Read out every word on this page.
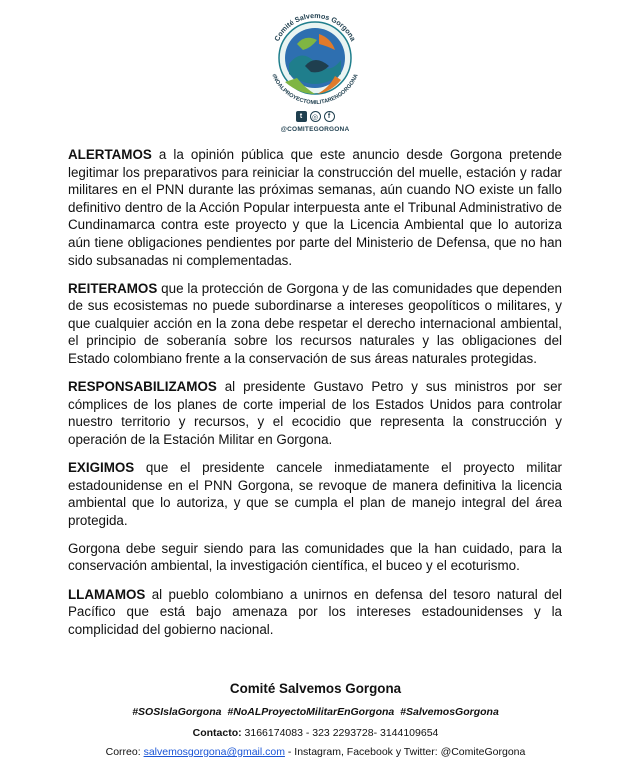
Comité Salvemos Gorgona
#NOALPROYECTOMILITARENGORGONA
t	◎	f
@COMITEGORGONA

ALERTAMOS a la opinión pública que este anuncio desde Gorgona pretende legitimar los preparativos para reiniciar la construcción del muelle, estación y radar militares en el PNN durante las próximas semanas, aún cuando NO existe un fallo definitivo dentro de la Acción Popular interpuesta ante el Tribunal Administrativo de Cundinamarca contra este proyecto y que la Licencia Ambiental que lo autoriza aún tiene obligaciones pendientes por parte del Ministerio de Defensa, que no han sido subsanadas ni complementadas.

REITERAMOS que la protección de Gorgona y de las comunidades que dependen de sus ecosistemas no puede subordinarse a intereses geopolíticos o militares, y que cualquier acción en la zona debe respetar el derecho internacional ambiental, el principio de soberanía sobre los recursos naturales y las obligaciones del Estado colombiano frente a la conservación de sus áreas naturales protegidas.

RESPONSABILIZAMOS al presidente Gustavo Petro y sus ministros por ser cómplices de los planes de corte imperial de los Estados Unidos para controlar nuestro territorio y recursos, y el ecocidio que representa la construcción y operación de la Estación Militar en Gorgona.

EXIGIMOS que el presidente cancele inmediatamente el proyecto militar estadounidense en el PNN Gorgona, se revoque de manera definitiva la licencia ambiental que lo autoriza, y que se cumpla el plan de manejo integral del área protegida.

Gorgona debe seguir siendo para las comunidades que la han cuidado, para la conservación ambiental, la investigación científica, el buceo y el ecoturismo.

LLAMAMOS al pueblo colombiano a unirnos en defensa del tesoro natural del Pacífico que está bajo amenaza por los intereses estadounidenses y la complicidad del gobierno nacional.

Comité Salvemos Gorgona
#SOSIslaGorgona #NoALProyectoMilitarEnGorgona #SalvemosGorgona
Contacto: 3166174083 - 323 2293728- 3144109654
Correo: salvemosgorgona@gmail.com - Instagram, Facebook y Twitter: @ComiteGorgona
